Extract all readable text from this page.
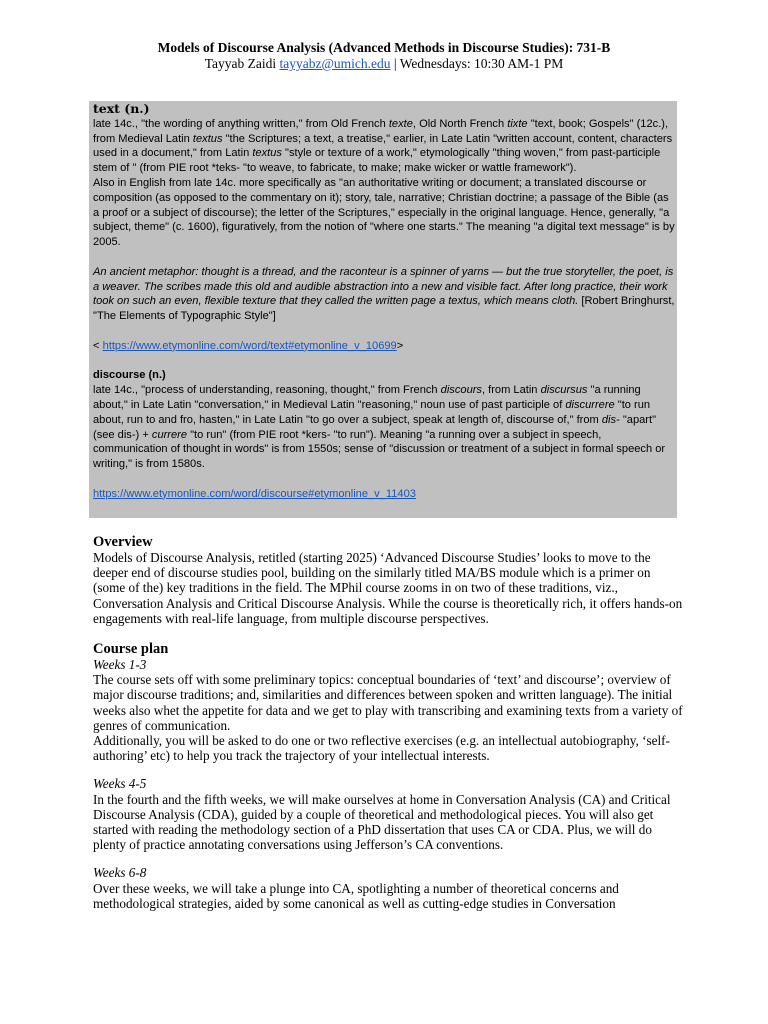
Models of Discourse Analysis (Advanced Methods in Discourse Studies): 731-B
Tayyab Zaidi tayyabz@umich.edu | Wednesdays: 10:30 AM-1 PM

text (n.)

late 14c., "the wording of anything written," from Old French texte, Old North French tixte "text, book; Gospels" (12c.), from Medieval Latin textus "the Scriptures; a text, a treatise," earlier, in Late Latin "written account, content, characters used in a document," from Latin textus "style or texture of a work," etymologically "thing woven," from past-participle stem of " (from PIE root *teks- "to weave, to fabricate, to make; make wicker or wattle framework").

Also in English from late 14c. more specifically as "an authoritative writing or document; a translated discourse or composition (as opposed to the commentary on it); story, tale, narrative; Christian doctrine; a passage of the Bible (as a proof or a subject of discourse); the letter of the Scriptures," especially in the original language. Hence, generally, "a subject, theme" (c. 1600), figuratively, from the notion of "where one starts." The meaning "a digital text message" is by 2005.

An ancient metaphor: thought is a thread, and the raconteur is a spinner of yarns — but the true storyteller, the poet, is a weaver. The scribes made this old and audible abstraction into a new and visible fact. After long practice, their work took on such an even, flexible texture that they called the written page a textus, which means cloth. [Robert Bringhurst, "The Elements of Typographic Style"]

< https://www.etymonline.com/word/text#etymonline_v_10699>

discourse (n.)

late 14c., "process of understanding, reasoning, thought," from French discours, from Latin discursus "a running about," in Late Latin "conversation," in Medieval Latin "reasoning," noun use of past participle of discurrere "to run about, run to and fro, hasten," in Late Latin "to go over a subject, speak at length of, discourse of," from dis- "apart" (see dis-) + currere "to run" (from PIE root *kers- "to run"). Meaning "a running over a subject in speech, communication of thought in words" is from 1550s; sense of "discussion or treatment of a subject in formal speech or writing," is from 1580s.

https://www.etymonline.com/word/discourse#etymonline_v_11403

Overview

Models of Discourse Analysis, retitled (starting 2025) ‘Advanced Discourse Studies’ looks to move to the deeper end of discourse studies pool, building on the similarly titled MA/BS module which is a primer on (some of the) key traditions in the field. The MPhil course zooms in on two of these traditions, viz., Conversation Analysis and Critical Discourse Analysis. While the course is theoretically rich, it offers hands-on engagements with real-life language, from multiple discourse perspectives.

Course plan

Weeks 1-3

The course sets off with some preliminary topics: conceptual boundaries of ‘text’ and discourse’; overview of major discourse traditions; and, similarities and differences between spoken and written language). The initial weeks also whet the appetite for data and we get to play with transcribing and examining texts from a variety of genres of communication.

Additionally, you will be asked to do one or two reflective exercises (e.g. an intellectual autobiography, ‘self-authoring’ etc) to help you track the trajectory of your intellectual interests.

Weeks 4-5

In the fourth and the fifth weeks, we will make ourselves at home in Conversation Analysis (CA) and Critical Discourse Analysis (CDA), guided by a couple of theoretical and methodological pieces. You will also get started with reading the methodology section of a PhD dissertation that uses CA or CDA. Plus, we will do plenty of practice annotating conversations using Jefferson’s CA conventions.

Weeks 6-8

Over these weeks, we will take a plunge into CA, spotlighting a number of theoretical concerns and methodological strategies, aided by some canonical as well as cutting-edge studies in Conversation
